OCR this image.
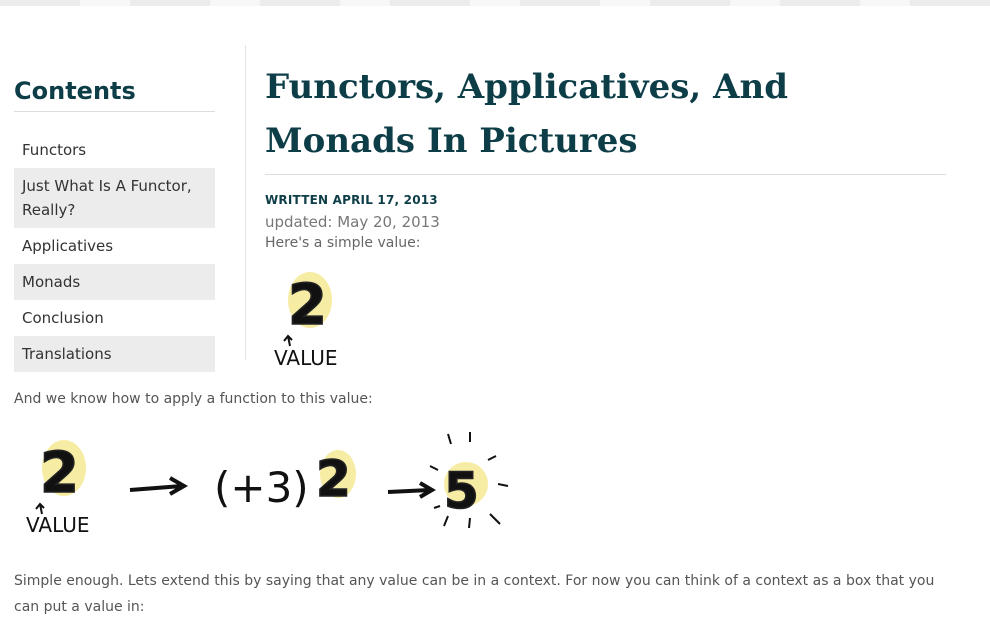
Contents
Functors
Just What Is A Functor, Really?
Applicatives
Monads
Conclusion
Translations
Functors, Applicatives, And Monads In Pictures
WRITTEN APRIL 17, 2013
updated: May 20, 2013
Here's a simple value:
2
VALUE
And we know how to apply a function to this value:
2
VALUE
(+3) 2 5
Simple enough. Lets extend this by saying that any value can be in a context. For now you can think of a context as a box that you can put a value in:
